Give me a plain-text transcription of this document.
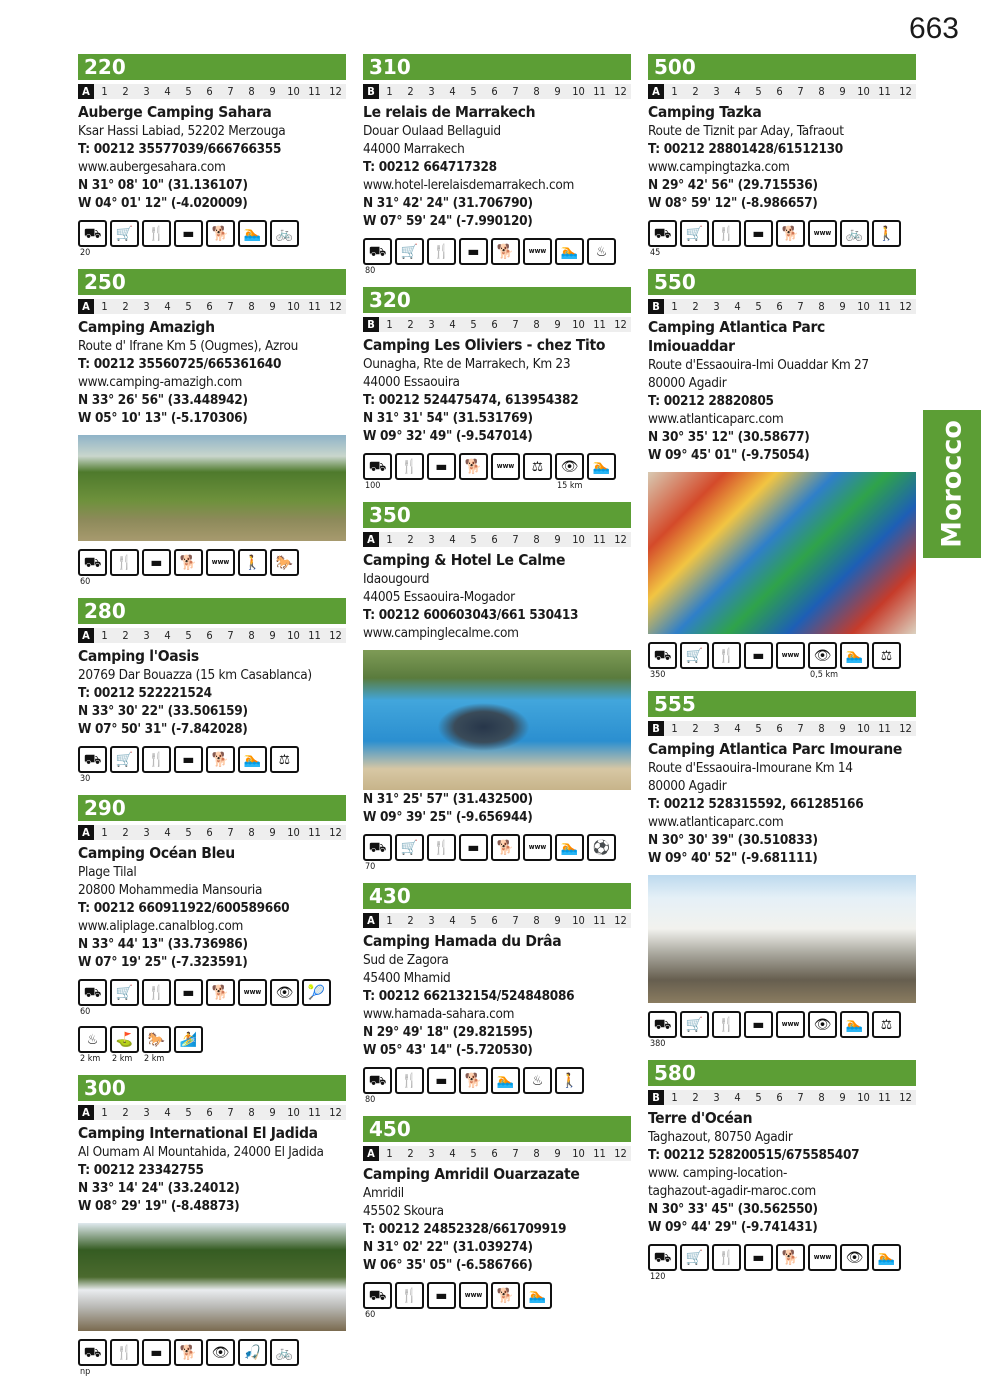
663
Morocco
220
A	1	2	3	4	5	6	7	8	9	10 11 12
Auberge Camping Sahara
Ksar Hassi Labiad, 52202 Merzouga
T: 00212 35577039/666766355
www.aubergesahara.com
N 31° 08' 10" (31.136107)
W 04° 01' 12" (-4.020009)
⛟	🛒	🍴	▬	🐕	🏊	🚲
20
250
A	1	2	3	4	5	6	7	8	9	10 11 12
Camping Amazigh
Route d' Ifrane Km 5 (Ougmes), Azrou
T: 00212 35560725/665361640
www.camping-amazigh.com
N 33° 26' 56" (33.448942)
W 05° 10' 13" (-5.170306)
⛟	🍴	▬	🐕	www	🚶	🐎
60
280
A	1	2	3	4	5	6	7	8	9	10 11 12
Camping l'Oasis
20769 Dar Bouazza (15 km Casablanca)
T: 00212 522221524
N 33° 30' 22" (33.506159)
W 07° 50' 31" (-7.842028)
⛟	🛒	🍴	▬	🐕	🏊	⚖
30
290
A	1	2	3	4	5	6	7	8	9	10 11 12
Camping Océan Bleu
Plage Tilal
20800 Mohammedia Mansouria
T: 00212 660911922/600589660
www.aliplage.canalblog.com
N 33° 44' 13" (33.736986)
W 07° 19' 25" (-7.323591)
⛟	🛒	🍴	▬	🐕	www	👁	🎾
60
♨	⛳	🐎	🏄
2 km 2 km 2 km
300
A	1	2	3	4	5	6	7	8	9	10 11 12
Camping International El Jadida
Al Oumam Al Mountahida, 24000 El Jadida
T: 00212 23342755
N 33° 14' 24" (33.24012)
W 08° 29' 19" (-8.48873)
⛟	🍴	▬	🐕	👁	🎣	🚲
np
310
B	1	2	3	4	5	6	7	8	9	10 11 12
Le relais de Marrakech
Douar Oulaad Bellaguid
44000 Marrakech
T: 00212 664717328
www.hotel-lerelaisdemarrakech.com
N 31° 42' 24" (31.706790)
W 07° 59' 24" (-7.990120)
⛟	🛒	🍴	▬	🐕	www	🏊	♨
80
320
B	1	2	3	4	5	6	7	8	9	10 11 12
Camping Les Oliviers - chez Tito
Ounagha, Rte de Marrakech, Km 23
44000 Essaouira
T: 00212 524475474, 613954382
N 31° 31' 54" (31.531769)
W 09° 32' 49" (-9.547014)
⛟	🍴	▬	🐕	www	⚖	👁	🏊
100	15 km
350
A	1	2	3	4	5	6	7	8	9	10 11 12
Camping & Hotel Le Calme
Idaougourd
44005 Essaouira-Mogador
T: 00212 600603043/661 530413
www.campinglecalme.com
N 31° 25' 57" (31.432500)
W 09° 39' 25" (-9.656944)
⛟	🛒	🍴	▬	🐕	www	🏊	⚽
70
430
A	1	2	3	4	5	6	7	8	9	10 11 12
Camping Hamada du Drâa
Sud de Zagora
45400 Mhamid
T: 00212 662132154/524848086
www.hamada-sahara.com
N 29° 49' 18" (29.821595)
W 05° 43' 14" (-5.720530)
⛟	🍴	▬	🐕	🏊	♨	🚶
80
450
A	1	2	3	4	5	6	7	8	9	10 11 12
Camping Amridil Ouarzazate
Amridil
45502 Skoura
T: 00212 24852328/661709919
N 31° 02' 22" (31.039274)
W 06° 35' 05" (-6.586766)
⛟	🍴	▬	www	🐕	🏊
60
500
A	1	2	3	4	5	6	7	8	9	10 11 12
Camping Tazka
Route de Tiznit par Aday, Tafraout
T: 00212 28801428/61512130
www.campingtazka.com
N 29° 42' 56" (29.715536)
W 08° 59' 12" (-8.986657)
⛟	🛒	🍴	▬	🐕	www	🚲	🚶
45
550
B	1	2	3	4	5	6	7	8	9	10 11 12
Camping Atlantica Parc Imiouaddar
Route d'Essaouira-Imi Ouaddar Km 27
80000 Agadir
T: 00212 28820805
www.atlanticaparc.com
N 30° 35' 12" (30.58677)
W 09° 45' 01" (-9.75054)
⛟	🛒	🍴	▬	www	👁	🏊	⚖
350	0,5 km
555
B	1	2	3	4	5	6	7	8	9	10 11 12
Camping Atlantica Parc Imourane
Route d'Essaouira-Imourane Km 14
80000 Agadir
T: 00212 528315592, 661285166
www.atlanticaparc.com
N 30° 30' 39" (30.510833)
W 09° 40' 52" (-9.681111)
⛟	🛒	🍴	▬	www	👁	🏊	⚖
380
580
B	1	2	3	4	5	6	7	8	9	10 11 12
Terre d'Océan
Taghazout, 80750 Agadir
T: 00212 528200515/675585407
www. camping-location-
taghazout-agadir-maroc.com
N 30° 33' 45" (30.562550)
W 09° 44' 29" (-9.741431)
⛟	🛒	🍴	▬	🐕	www	👁	🏊
120
